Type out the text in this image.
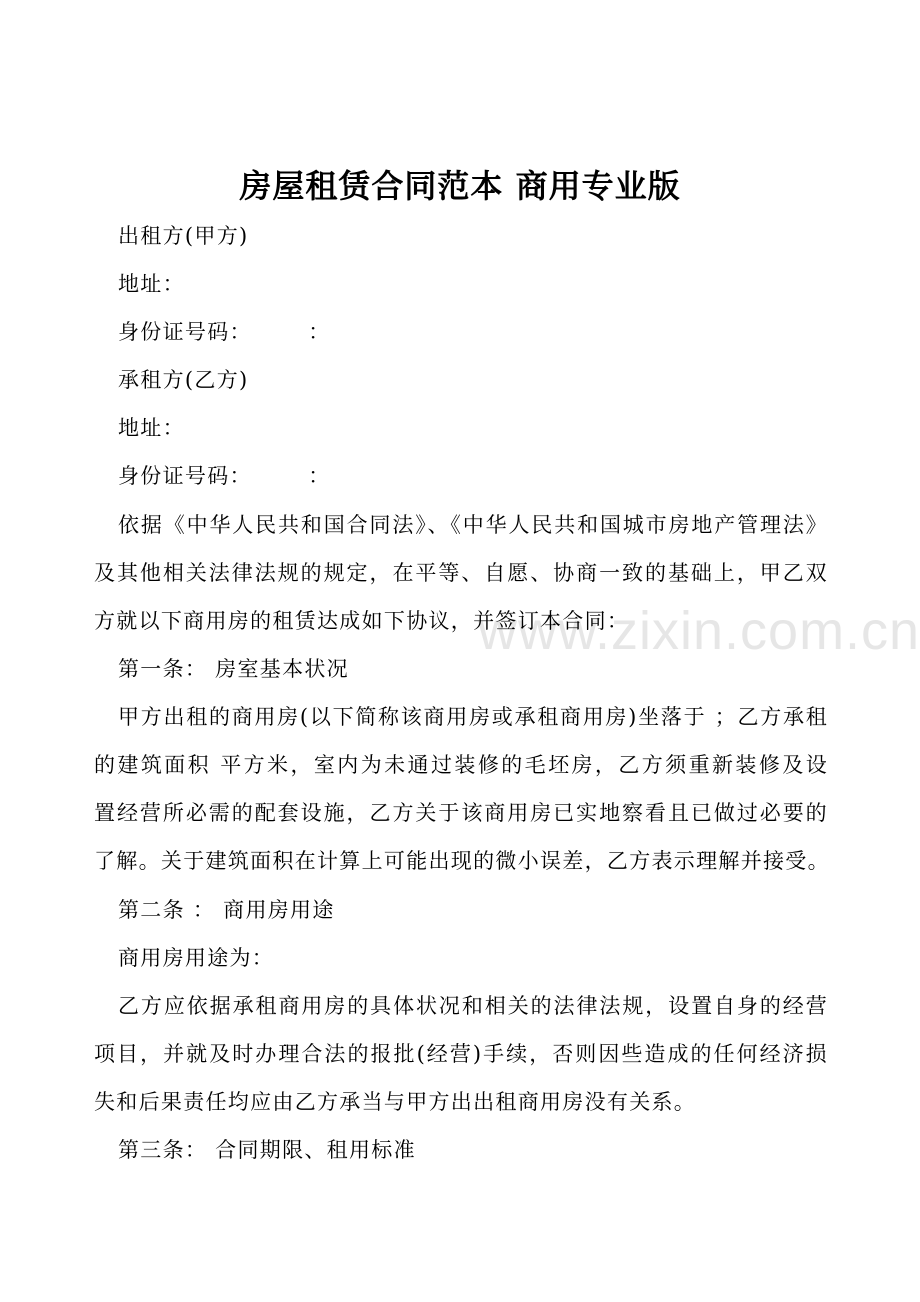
www.zixin.com.cn
房屋租赁合同范本 商用专业版
出租方(甲方)
地址：
身份证号码：　　　：
承租方(乙方)
地址：
身份证号码：　　　：
依据《中华人民共和国合同法》、《中华人民共和国城市房地产管理法》
及其他相关法律法规的规定，在平等、自愿、协商一致的基础上，甲乙双
方就以下商用房的租赁达成如下协议，并签订本合同：
第一条： 房室基本状况
甲方出租的商用房(以下简称该商用房或承租商用房)坐落于 ；乙方承租
的建筑面积 平方米，室内为未通过装修的毛坯房，乙方须重新装修及设
置经营所必需的配套设施，乙方关于该商用房已实地察看且已做过必要的
了解。关于建筑面积在计算上可能出现的微小误差，乙方表示理解并接受。
第二条 ： 商用房用途
商用房用途为：
乙方应依据承租商用房的具体状况和相关的法律法规，设置自身的经营
项目，并就及时办理合法的报批(经营)手续，否则因些造成的任何经济损
失和后果责任均应由乙方承当与甲方出出租商用房没有关系。
第三条： 合同期限、租用标准
